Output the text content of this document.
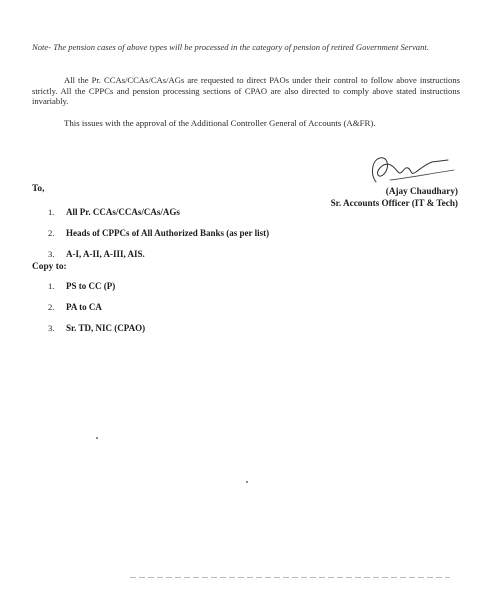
Note- The pension cases of above types will be processed in the category of pension of retired Government Servant.
All the Pr. CCAs/CCAs/CAs/AGs are requested to direct PAOs under their control to follow above instructions strictly. All the CPPCs and pension processing sections of CPAO are also directed to comply above stated instructions invariably.
This issues with the approval of the Additional Controller General of Accounts (A&FR).
(Ajay Chaudhary)
Sr. Accounts Officer (IT & Tech)
To,
1. All Pr. CCAs/CCAs/CAs/AGs
2. Heads of CPPCs of All Authorized Banks (as per list)
3. A-I, A-II, A-III, AIS.
Copy to:
1. PS to CC (P)
2. PA to CA
3. Sr. TD, NIC (CPAO)
